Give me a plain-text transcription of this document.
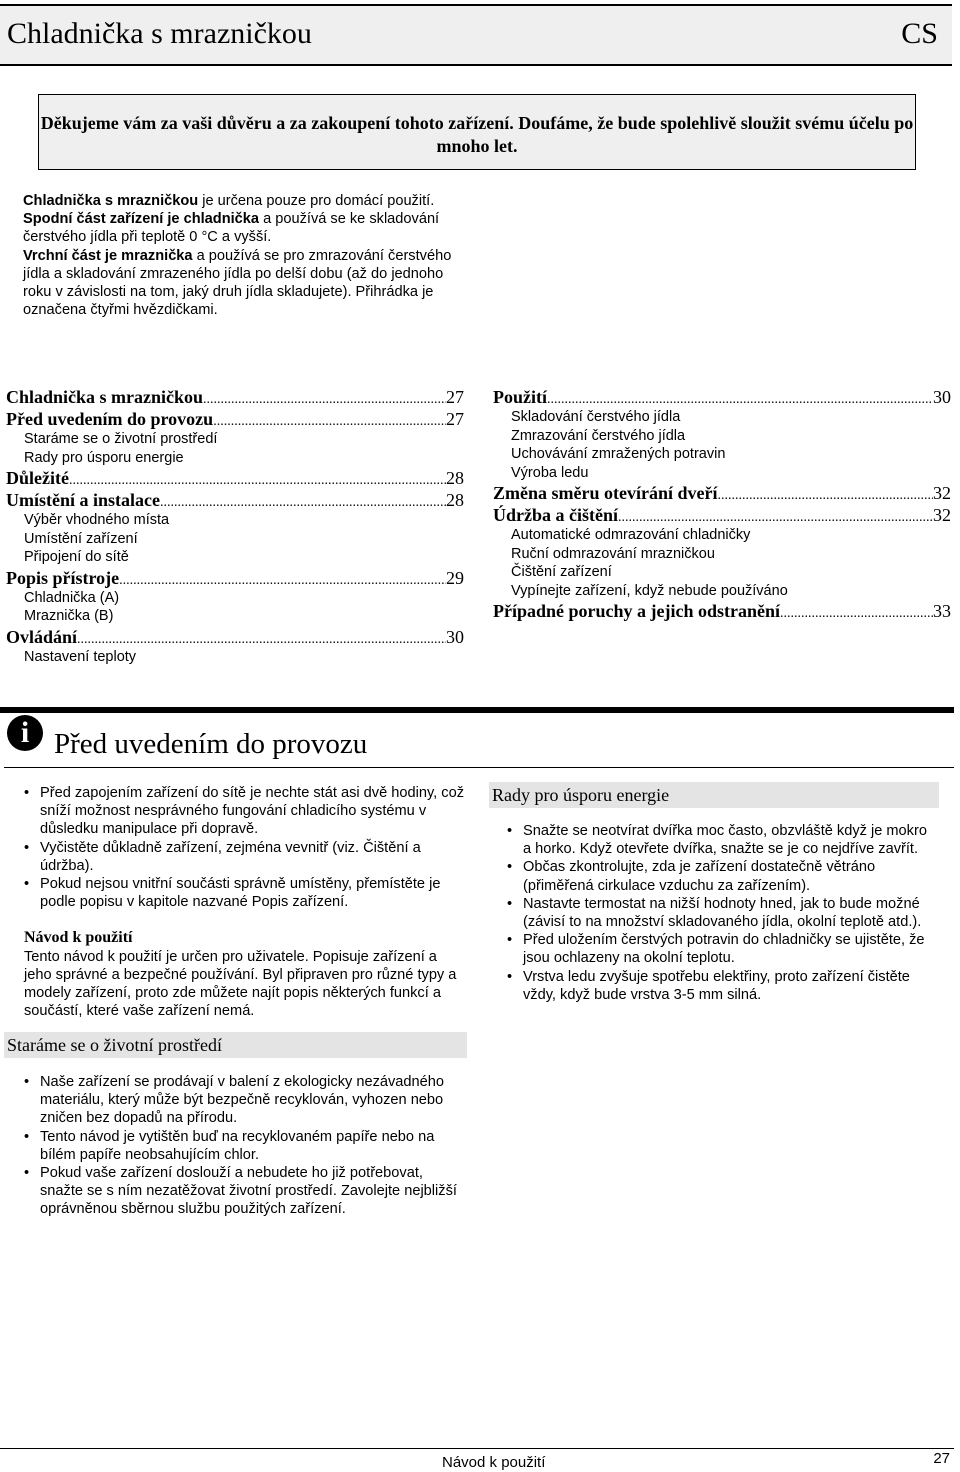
Chladnička s mrazničkou	CS
Děkujeme vám za vaši důvěru a za zakoupení tohoto zařízení. Doufáme, že bude spolehlivě sloužit svému účelu po mnoho let.
Chladnička s mrazničkou je určena pouze pro domácí použití.
Spodní část zařízení je chladnička a používá se ke skladování čerstvého jídla při teplotě 0 °C a vyšší.
Vrchní část je mraznička a používá se pro zmrazování čerstvého jídla a skladování zmrazeného jídla po delší dobu (až do jednoho roku v závislosti na tom, jaký druh jídla skladujete). Přihrádka je označena čtyřmi hvězdičkami.
Chladnička s mrazničkou .....	27
Před uvedením do provozu .....	27
Staráme se o životní prostředí
Rady pro úsporu energie
Důležité .....	28
Umístění a instalace .....	28
Výběr vhodného místa
Umístění zařízení
Připojení do sítě
Popis přístroje .....	29
Chladnička (A)
Mraznička (B)
Ovládání .....	30
Nastavení teploty
Použití .....	30
Skladování čerstvého jídla
Zmrazování čerstvého jídla
Uchovávání zmražených potravin
Výroba ledu
Změna směru otevírání dveří .....	32
Údržba a čištění .....	32
Automatické odmrazování chladničky
Ruční odmrazování mrazničkou
Čištění zařízení
Vypínejte zařízení, když nebude používáno
Případné poruchy a jejich odstranění .....	33
i Před uvedením do provozu
• Před zapojením zařízení do sítě je nechte stát asi dvě hodiny, což sníží možnost nesprávného fungování chladicího systému v důsledku manipulace při dopravě.
• Vyčistěte důkladně zařízení, zejména vevnitř (viz. Čištění a údržba).
• Pokud nejsou vnitřní součásti správně umístěny, přemístěte je podle popisu v kapitole nazvané Popis zařízení.
Návod k použití
Tento návod k použití je určen pro uživatele. Popisuje zařízení a jeho správné a bezpečné používání. Byl připraven pro různé typy a modely zařízení, proto zde můžete najít popis některých funkcí a součástí, které vaše zařízení nemá.
Staráme se o životní prostředí
• Naše zařízení se prodávají v balení z ekologicky nezávadného materiálu, který může být bezpečně recyklován, vyhozen nebo zničen bez dopadů na přírodu.
• Tento návod je vytištěn buď na recyklovaném papíře nebo na bílém papíře neobsahujícím chlor.
• Pokud vaše zařízení doslouží a nebudete ho již potřebovat, snažte se s ním nezatěžovat životní prostředí. Zavolejte nejbližší oprávněnou sběrnou službu použitých zařízení.
Rady pro úsporu energie
• Snažte se neotvírat dvířka moc často, obzvláště když je mokro a horko. Když otevřete dvířka, snažte se je co nejdříve zavřít.
• Občas zkontrolujte, zda je zařízení dostatečně větráno (přiměřená cirkulace vzduchu za zařízením).
• Nastavte termostat na nižší hodnoty hned, jak to bude možné (závisí to na množství skladovaného jídla, okolní teplotě atd.).
• Před uložením čerstvých potravin do chladničky se ujistěte, že jsou ochlazeny na okolní teplotu.
• Vrstva ledu zvyšuje spotřebu elektřiny, proto zařízení čistěte vždy, když bude vrstva 3-5 mm silná.
Návod k použití	27
